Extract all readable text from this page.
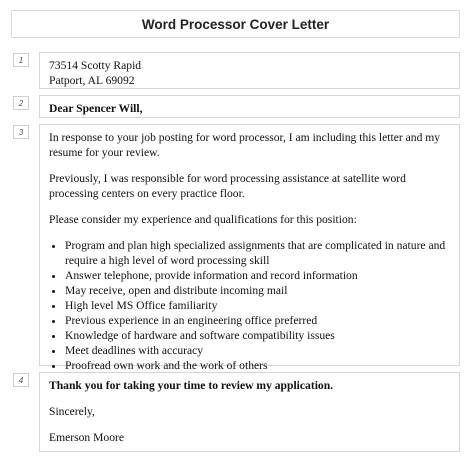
Word Processor Cover Letter
1	73514 Scotty Rapid

Patport, AL 69092

2	Dear Spencer Will,

3	In response to your job posting for word processor, I am including this letter and my resume for your review.

Previously, I was responsible for word processing assistance at satellite word processing centers on every practice floor.

Please consider my experience and qualifications for this position:

• Program and plan high specialized assignments that are complicated in nature and require a high level of word processing skill
• Answer telephone, provide information and record information
• May receive, open and distribute incoming mail
• High level MS Office familiarity
• Previous experience in an engineering office preferred
• Knowledge of hardware and software compatibility issues
• Meet deadlines with accuracy
• Proofread own work and the work of others
4	Thank you for taking your time to review my application.

Sincerely,

Emerson Moore
